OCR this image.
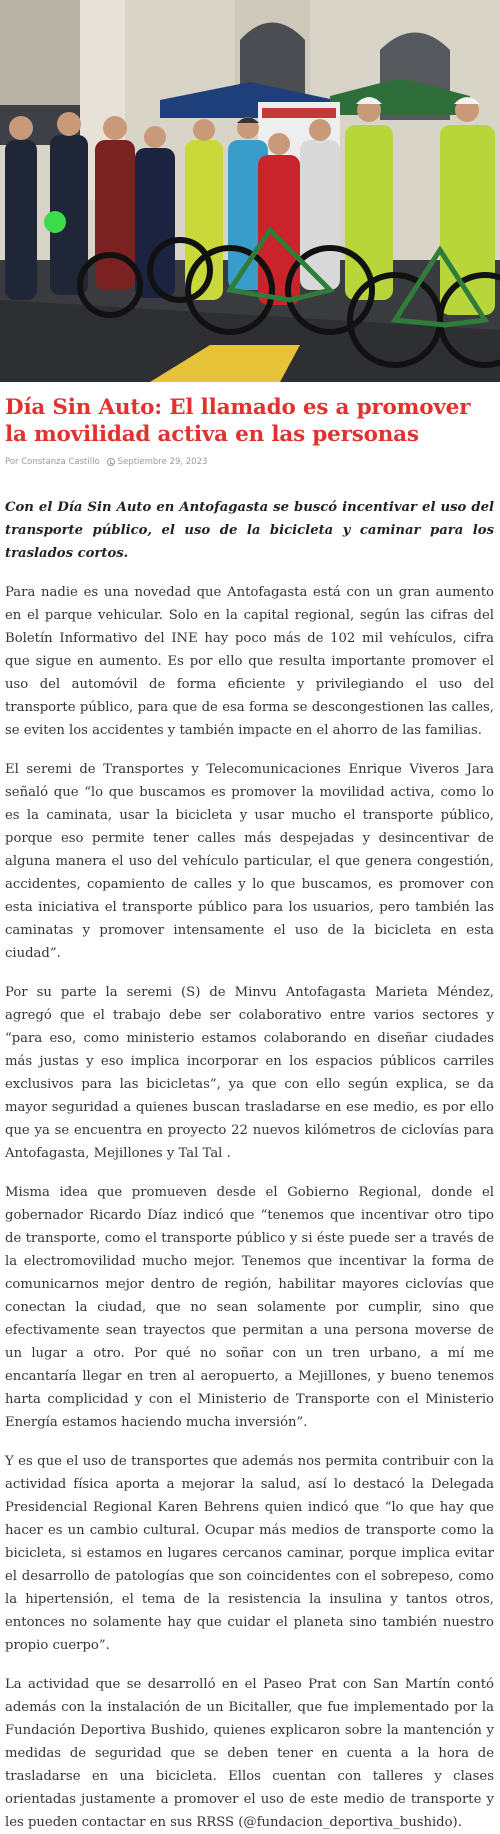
Día Sin Auto: El llamado es a promover la movilidad activa en las personas
Por Constanza Castillo Septiembre 29, 2023

Con el Día Sin Auto en Antofagasta se buscó incentivar el uso del transporte público, el uso de la bicicleta y caminar para los traslados cortos.

Para nadie es una novedad que Antofagasta está con un gran aumento en el parque vehicular. Solo en la capital regional, según las cifras del Boletín Informativo del INE hay poco más de 102 mil vehículos, cifra que sigue en aumento. Es por ello que resulta importante promover el uso del automóvil de forma eficiente y privilegiando el uso del transporte público, para que de esa forma se descongestionen las calles, se eviten los accidentes y también impacte en el ahorro de las familias.

El seremi de Transportes y Telecomunicaciones Enrique Viveros Jara señaló que “lo que buscamos es promover la movilidad activa, como lo es la caminata, usar la bicicleta y usar mucho el transporte público, porque eso permite tener calles más despejadas y desincentivar de alguna manera el uso del vehículo particular, el que genera congestión, accidentes, copamiento de calles y lo que buscamos, es promover con esta iniciativa el transporte público para los usuarios, pero también las caminatas y promover intensamente el uso de la bicicleta en esta ciudad”.

Por su parte la seremi (S) de Minvu Antofagasta Marieta Méndez, agregó que el trabajo debe ser colaborativo entre varios sectores y “para eso, como ministerio estamos colaborando en diseñar ciudades más justas y eso implica incorporar en los espacios públicos carriles exclusivos para las bicicletas”, ya que con ello según explica, se da mayor seguridad a quienes buscan trasladarse en ese medio, es por ello que ya se encuentra en proyecto 22 nuevos kilómetros de ciclovías para Antofagasta, Mejillones y Tal Tal .

Misma idea que promueven desde el Gobierno Regional, donde el gobernador Ricardo Díaz indicó que “tenemos que incentivar otro tipo de transporte, como el transporte público y si éste puede ser a través de la electromovilidad mucho mejor. Tenemos que incentivar la forma de comunicarnos mejor dentro de región, habilitar mayores ciclovías que conectan la ciudad, que no sean solamente por cumplir, sino que efectivamente sean trayectos que permitan a una persona moverse de un lugar a otro. Por qué no soñar con un tren urbano, a mí me encantaría llegar en tren al aeropuerto, a Mejillones, y bueno tenemos harta complicidad y con el Ministerio de Transporte con el Ministerio Energía estamos haciendo mucha inversión”.

Y es que el uso de transportes que además nos permita contribuir con la actividad física aporta a mejorar la salud, así lo destacó la Delegada Presidencial Regional Karen Behrens quien indicó que “lo que hay que hacer es un cambio cultural. Ocupar más medios de transporte como la bicicleta, si estamos en lugares cercanos caminar, porque implica evitar el desarrollo de patologías que son coincidentes con el sobrepeso, como la hipertensión, el tema de la resistencia la insulina y tantos otros, entonces no solamente hay que cuidar el planeta sino también nuestro propio cuerpo”.

La actividad que se desarrolló en el Paseo Prat con San Martín contó además con la instalación de un Bicitaller, que fue implementado por la Fundación Deportiva Bushido, quienes explicaron sobre la mantención y medidas de seguridad que se deben tener en cuenta a la hora de trasladarse en una bicicleta. Ellos cuentan con talleres y clases orientadas justamente a promover el uso de este medio de transporte y les pueden contactar en sus RRSS (@fundacion_deportiva_bushido).
